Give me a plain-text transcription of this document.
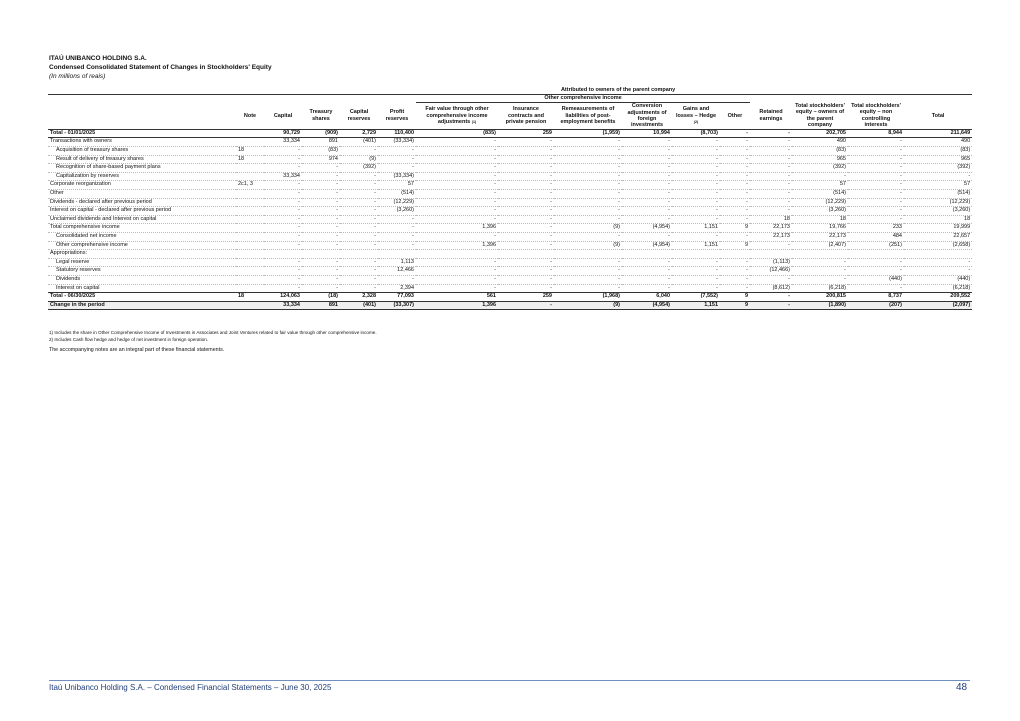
ITAÚ UNIBANCO HOLDING S.A.
Condensed Consolidated Statement of Changes in Stockholders' Equity
(In millions of reais)
		Attributed to owners of the parent company													
						Other comprehensive income									
	Note	Capital	Treasury shares	Capital reserves	Profit reserves	Fair value through other comprehensive income adjustments $^{(1)}$	Insurance contracts and private pension	Remeasurements of liabilities of post-employment benefits	Conversion adjustments of foreign investments	Gains and losses – Hedge $^{(2)}$	Other	Retained earnings	Total stockholders' equity – owners of the parent company	Total stockholders' equity – non controlling interests	Total
Total - 01/01/2025		90,729	(909)	2,729	110,400	(835)	259	(1,959)	10,994	(8,703)	-	-	202,705	8,944	211,649
Transactions with owners		33,334	891	(401)	(33,334)	-	-	-	-	-	-	-	490	-	490
Acquisition of treasury shares	18	-	(83)	-	-	-	-	-	-	-	-	-	(83)	-	(83)
Result of delivery of treasury shares	18	-	974	(9)	-	-	-	-	-	-	-	-	965	-	965
Recognition of share-based payment plans		-	-	(392)	-	-	-	-	-	-	-	-	(392)	-	(392)
Capitalization by reserves		33,334	-	-	(33,334)	-	-	-	-	-	-	-	-	-	-
Corporate reorganization	2c1, 3	-	-	-	57	-	-	-	-	-	-	-	57	-	57
Other		-	-	-	(514)	-	-	-	-	-	-	-	(514)	-	(514)
Dividends - declared after previous period		-	-	-	(12,229)	-	-	-	-	-	-	-	(12,229)	-	(12,229)
Interest on capital - declared after previous period		-	-	-	(3,260)	-	-	-	-	-	-	-	(3,260)	-	(3,260)
Unclaimed dividends and Interest on capital		-	-	-	-	-	-	-	-	-	-	18	18	-	18
Total comprehensive income		-	-	-	-	1,396	-	(9)	(4,954)	1,151	9	22,173	19,766	233	19,999
Consolidated net income		-	-	-	-	-	-	-	-	-	-	22,173	22,173	484	22,657
Other comprehensive income		-	-	-	-	1,396	-	(9)	(4,954)	1,151	9	-	(2,407)	(251)	(2,658)
Appropriations:															
Legal reserve		-	-	-	1,113	-	-	-	-	-	-	(1,113)	-	-	-
Statutory reserves		-	-	-	12,466	-	-	-	-	-	-	(12,466)	-	-	-
Dividends		-	-	-	-	-	-	-	-	-	-	-	-	(440)	(440)
Interest on capital		-	-	-	2,394	-	-	-	-	-	-	(8,612)	(6,218)	-	(6,218)
Total - 06/30/2025	18	124,063	(18)	2,328	77,093	561	259	(1,968)	6,040	(7,552)	9	-	200,815	8,737	209,552
Change in the period		33,334	891	(401)	(33,307)	1,396	-	(9)	(4,954)	1,151	9	-	(1,890)	(207)	(2,097)
1) Includes the share in Other Comprehensive Income of Investments in Associates and Joint Ventures related to fair value through other comprehensive income.
2) Includes Cash flow hedge and hedge of net investment in foreign operation.
The accompanying notes are an integral part of these financial statements.
Itaú Unibanco Holding S.A. – Condensed Financial Statements – June 30, 2025	48
